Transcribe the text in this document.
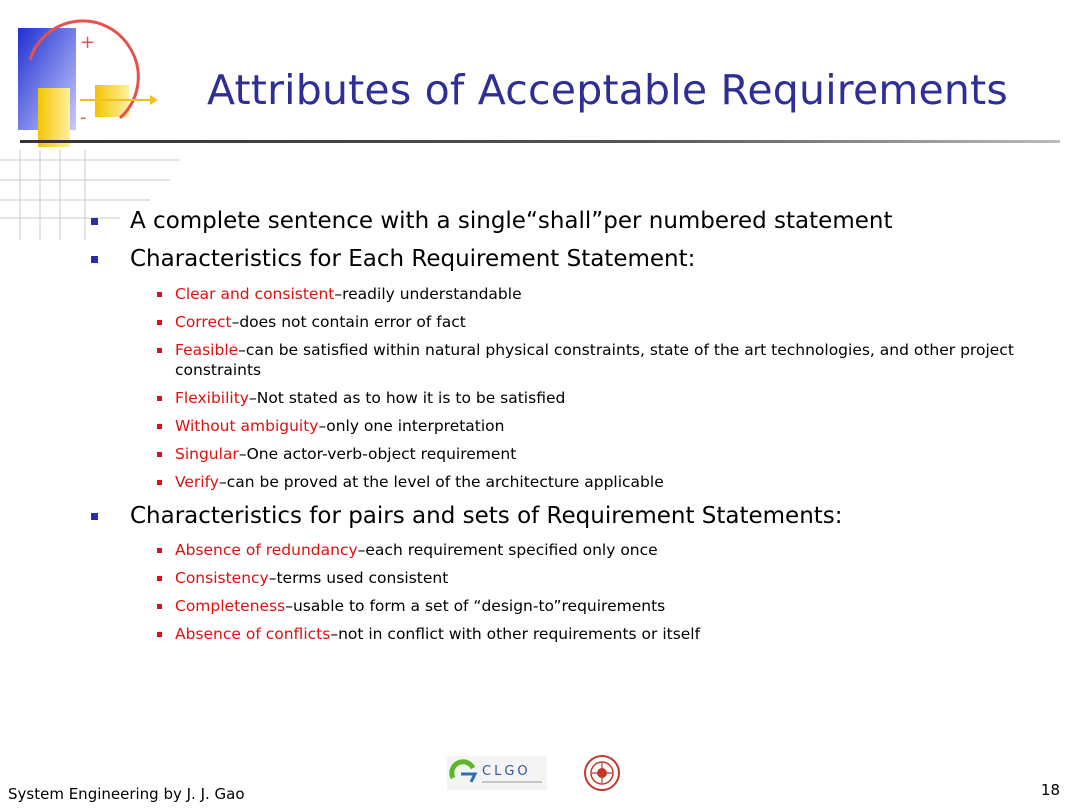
+
-
Attributes of Acceptable Requirements
A complete sentence with a single“shall”per numbered statement
Characteristics for Each Requirement Statement:
Clear and consistent–readily understandable
Correct–does not contain error of fact
Feasible–can be satisfied within natural physical constraints, state of the art technologies, and other project constraints
Flexibility–Not stated as to how it is to be satisfied
Without ambiguity–only one interpretation
Singular–One actor-verb-object requirement
Verify–can be proved at the level of the architecture applicable
Characteristics for pairs and sets of Requirement Statements:
Absence of redundancy–each requirement specified only once
Consistency–terms used consistent
Completeness–usable to form a set of “design-to”requirements
Absence of conflicts–not in conflict with other requirements or itself
System Engineering by J. J. Gao
CLGO
18
